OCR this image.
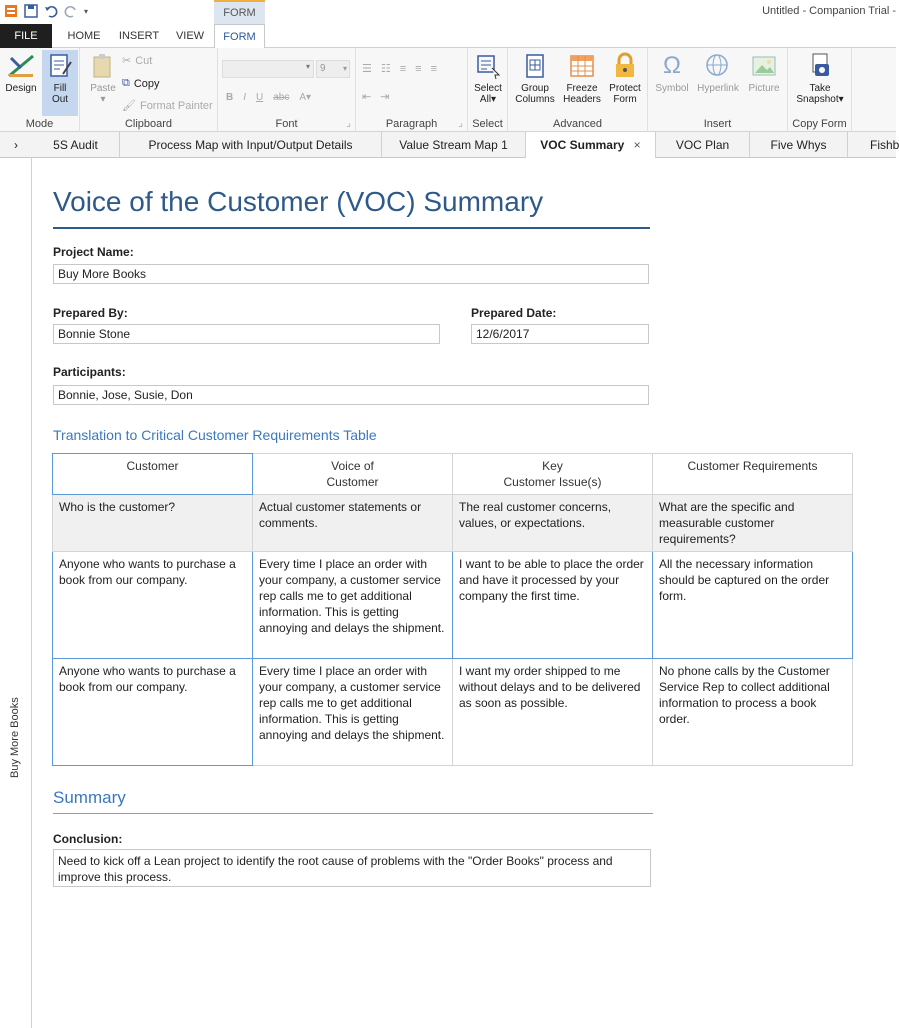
▾	FORM	Untitled - Companion Trial -
FILE	HOME	INSERT	VIEW	FORM
Design	Fill
Out
Mode
Paste
▾
✂ Cut
⧉ Copy
🖌 Format Painter
Clipboard
▾	9 ▾
B I U abc A▾
⌟
Font
☰ ☷ ≡ ≡ ≡
⇤ ⇥
⌟
Paragraph
Select
All▾
Select
Group
Columns
Freeze
Headers
Protect
Form
Advanced
Ω
Symbol Hyperlink Picture
Insert
Take
Snapshot▾
Copy Form
›	5S Audit	Process Map with Input/Output Details	Value Stream Map 1	VOC Summary ×	VOC Plan	Five Whys	Fishb
Buy More Books
Voice of the Customer (VOC) Summary
Project Name:
Buy More Books
Prepared By:
Bonnie Stone
Prepared Date:
12/6/2017
Participants:
Bonnie, Jose, Susie, Don
Translation to Critical Customer Requirements Table
Customer	Voice of
Customer	Key
Customer Issue(s)	Customer Requirements
Who is the customer?	Actual customer statements or comments.	The real customer concerns, values, or expectations.	What are the specific and measurable customer requirements?
Anyone who wants to purchase a book from our company.	Every time I place an order with your company, a customer service rep calls me to get additional information. This is getting annoying and delays the shipment.	I want to be able to place the order and have it processed by your company the first time.	All the necessary information should be captured on the order form.
Anyone who wants to purchase a book from our company.	Every time I place an order with your company, a customer service rep calls me to get additional information. This is getting annoying and delays the shipment.	I want my order shipped to me without delays and to be delivered as soon as possible.	No phone calls by the Customer Service Rep to collect additional information to process a book order.
Summary
Conclusion:
Need to kick off a Lean project to identify the root cause of problems with the "Order Books" process and improve this process.
